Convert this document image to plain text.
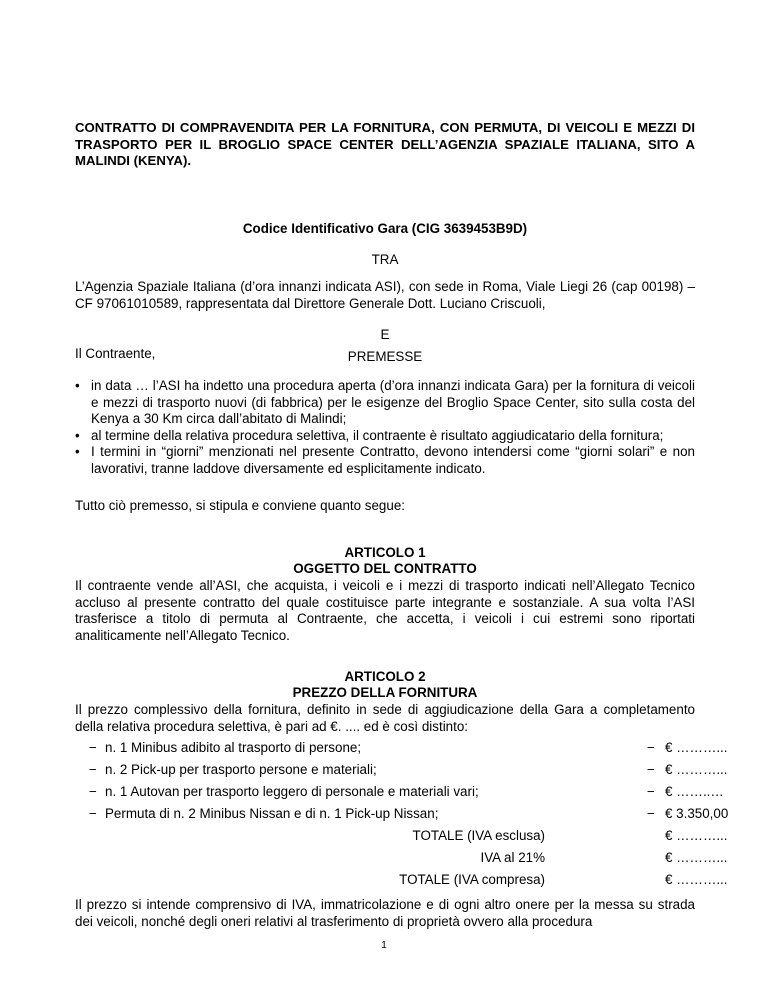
CONTRATTO DI COMPRAVENDITA PER LA FORNITURA, CON PERMUTA, DI VEICOLI E MEZZI DI TRASPORTO PER IL BROGLIO SPACE CENTER DELL’AGENZIA SPAZIALE ITALIANA, SITO A MALINDI (KENYA).
Codice Identificativo Gara (CIG 3639453B9D)
TRA
L’Agenzia Spaziale Italiana (d’ora innanzi indicata ASI), con sede in Roma, Viale Liegi 26 (cap 00198) – CF 97061010589, rappresentata dal Direttore Generale Dott. Luciano Criscuoli,
E
Il Contraente,	PREMESSE
• in data … l’ASI ha indetto una procedura aperta (d’ora innanzi indicata Gara) per la fornitura di veicoli e mezzi di trasporto nuovi (di fabbrica) per le esigenze del Broglio Space Center, sito sulla costa del Kenya a 30 Km circa dall’abitato di Malindi;
• al termine della relativa procedura selettiva, il contraente è risultato aggiudicatario della fornitura;
• I termini in “giorni” menzionati nel presente Contratto, devono intendersi come “giorni solari” e non lavorativi, tranne laddove diversamente ed esplicitamente indicato.
Tutto ciò premesso, si stipula e conviene quanto segue:
ARTICOLO 1
OGGETTO DEL CONTRATTO
Il contraente vende all’ASI, che acquista, i veicoli e i mezzi di trasporto indicati nell’Allegato Tecnico accluso al presente contratto del quale costituisce parte integrante e sostanziale. A sua volta l’ASI trasferisce a titolo di permuta al Contraente, che accetta, i veicoli i cui estremi sono riportati analiticamente nell’Allegato Tecnico.
ARTICOLO 2
PREZZO DELLA FORNITURA
Il prezzo complessivo della fornitura, definito in sede di aggiudicazione della Gara a completamento della relativa procedura selettiva, è pari ad €. .... ed è così distinto:
− n. 1 Minibus adibito al trasporto di persone;	− € ………...
− n. 2 Pick-up per trasporto persone e materiali;	− € ………...
− n. 1 Autovan per trasporto leggero di personale e materiali vari;	− € ……..…
− Permuta di n. 2 Minibus Nissan e di n. 1 Pick-up Nissan;	− € 3.350,00
TOTALE (IVA esclusa)	€ ………...
IVA al 21%	€ ………...
TOTALE (IVA compresa)	€ ………...
Il prezzo si intende comprensivo di IVA, immatricolazione e di ogni altro onere per la messa su strada dei veicoli, nonché degli oneri relativi al trasferimento di proprietà ovvero alla procedura
1
